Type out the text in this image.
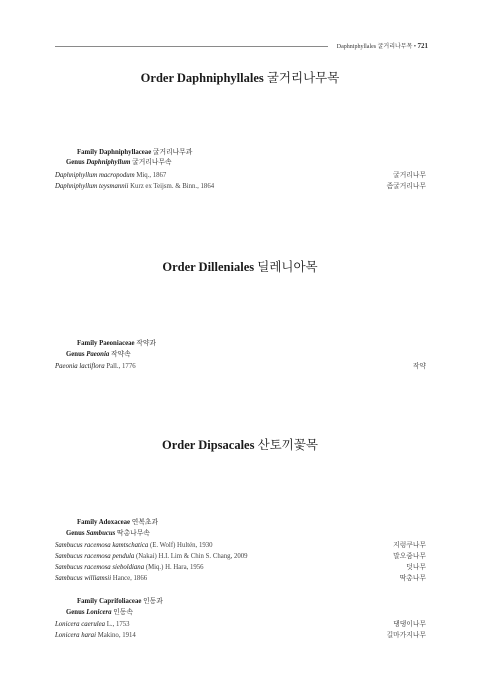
Daphniphyllales 굴거리나무목 • 721
Order Daphniphyllales 굴거리나무목
Family Daphniphyllaceae 굴거리나무과
Genus Daphniphyllum 굴거리나무속
Daphniphyllum macropodum Miq., 1867	굴거리나무
Daphniphyllum teysmannii Kurz ex Teijsm. & Binn., 1864	좀굴거리나무
Order Dilleniales 딜레니아목
Family Paeoniaceae 작약과
Genus Paeonia 작약속
Paeonia lactiflora Pall., 1776	작약
Order Dipsacales 산토끼꽃목
Family Adoxaceae 연복초과
Genus Sambucus 딱총나무속
Sambucus racemosa kamtschatica (E. Wolf) Hultén, 1930	지렁쿠나무
Sambucus racemosa pendula (Nakai) H.I. Lim & Chin S. Chang, 2009	말오줌나무
Sambucus racemosa sieboldiana (Miq.) H. Hara, 1956	덧나무
Sambucus williamsii Hance, 1866	딱총나무
Family Caprifoliaceae 인동과
Genus Lonicera 인동속
Lonicera caerulea L., 1753	댕댕이나무
Lonicera harai Makino, 1914	길마가지나무
